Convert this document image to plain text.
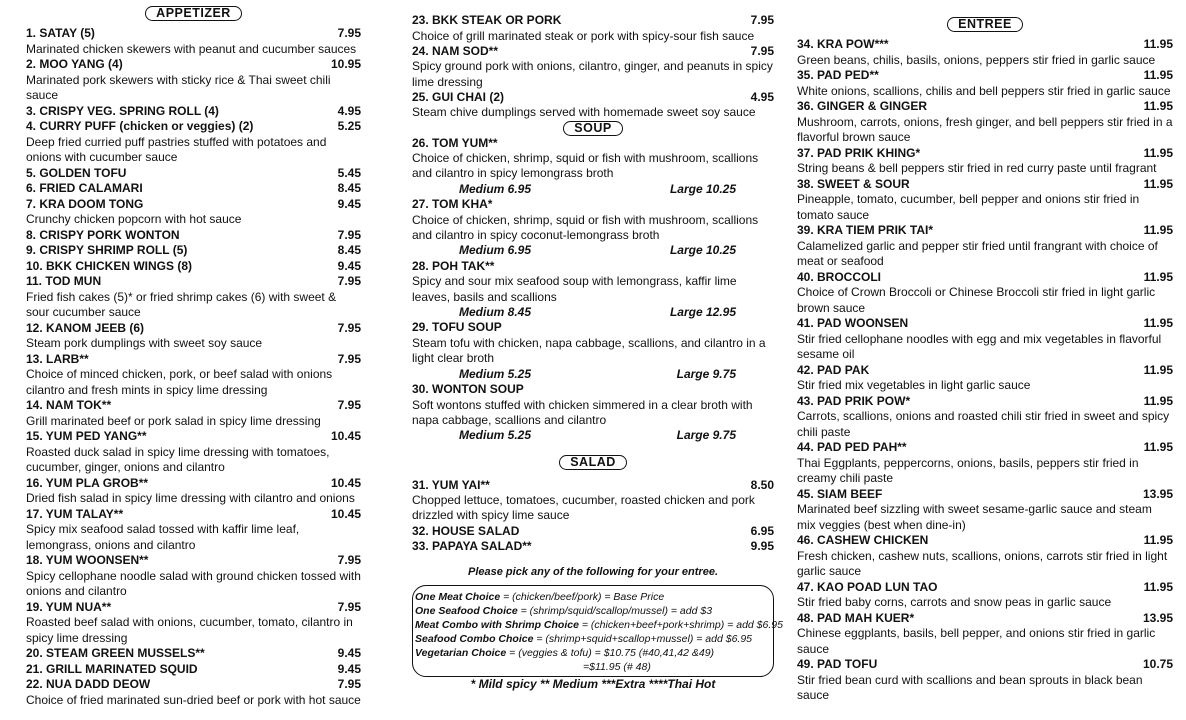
APPETIZER
1. SATAY (5)	7.95
Marinated chicken skewers with peanut and cucumber sauces
2. MOO YANG (4)	10.95
Marinated pork skewers with sticky rice & Thai sweet chili sauce
3. CRISPY VEG. SPRING ROLL (4)	4.95
4. CURRY PUFF (chicken or veggies) (2)	5.25
Deep fried curried puff pastries stuffed with potatoes and onions with cucumber sauce
5. GOLDEN TOFU	5.45
6. FRIED CALAMARI	8.45
7. KRA DOOM TONG	9.45
Crunchy chicken popcorn with hot sauce
8. CRISPY PORK WONTON	7.95
9. CRISPY SHRIMP ROLL (5)	8.45
10. BKK CHICKEN WINGS (8)	9.45
11. TOD MUN	7.95
Fried fish cakes (5)* or fried shrimp cakes (6) with sweet & sour cucumber sauce
12. KANOM JEEB (6)	7.95
Steam pork dumplings with sweet soy sauce
13. LARB**	7.95
Choice of minced chicken, pork, or beef salad with onions cilantro and fresh mints in spicy lime dressing
14. NAM TOK**	7.95
Grill marinated beef or pork salad in spicy lime dressing
15. YUM PED YANG**	10.45
Roasted duck salad in spicy lime dressing with tomatoes, cucumber, ginger, onions and cilantro
16. YUM PLA GROB**	10.45
Dried fish salad in spicy lime dressing with cilantro and onions
17. YUM TALAY**	10.45
Spicy mix seafood salad tossed with kaffir lime leaf, lemongrass, onions and cilantro
18. YUM WOONSEN**	7.95
Spicy cellophane noodle salad with ground chicken tossed with onions and cilantro
19. YUM NUA**	7.95
Roasted beef salad with onions, cucumber, tomato, cilantro in spicy lime dressing
20. STEAM GREEN MUSSELS**	9.45
21. GRILL MARINATED SQUID	9.45
22. NUA DADD DEOW	7.95
Choice of fried marinated sun-dried beef or pork with hot sauce
23. BKK STEAK OR PORK	7.95
Choice of grill marinated steak or pork with spicy-sour fish sauce
24. NAM SOD**	7.95
Spicy ground pork with onions, cilantro, ginger, and peanuts in spicy lime dressing
25. GUI CHAI (2)	4.95
Steam chive dumplings served with homemade sweet soy sauce
SOUP
26. TOM YUM**
Choice of chicken, shrimp, squid or fish with mushroom, scallions and cilantro in spicy lemongrass broth
Medium 6.95	Large 10.25
27. TOM KHA*
Choice of chicken, shrimp, squid or fish with mushroom, scallions and cilantro in spicy coconut-lemongrass broth
Medium 6.95	Large 10.25
28. POH TAK**
Spicy and sour mix seafood soup with lemongrass, kaffir lime leaves, basils and scallions
Medium 8.45	Large 12.95
29. TOFU SOUP
Steam tofu with chicken, napa cabbage, scallions, and cilantro in a light clear broth
Medium 5.25	Large 9.75
30. WONTON SOUP
Soft wontons stuffed with chicken simmered in a clear broth with napa cabbage, scallions and cilantro
Medium 5.25	Large 9.75
SALAD
31. YUM YAI**	8.50
Chopped lettuce, tomatoes, cucumber, roasted chicken and pork drizzled with spicy lime sauce
32. HOUSE SALAD	6.95
33. PAPAYA SALAD**	9.95
Please pick any of the following for your entree.
One Meat Choice = (chicken/beef/pork) = Base Price
One Seafood Choice = (shrimp/squid/scallop/mussel) = add $3
Meat Combo with Shrimp Choice = (chicken+beef+pork+shrimp) = add $6.95
Seafood Combo Choice = (shrimp+squid+scallop+mussel) = add $6.95
Vegetarian Choice = (veggies & tofu) = $10.75 (#40,41,42 &49)
=$11.95 (# 48)
* Mild spicy ** Medium ***Extra ****Thai Hot
ENTREE
34. KRA POW***	11.95
Green beans, chilis, basils, onions, peppers stir fried in garlic sauce
35. PAD PED**	11.95
White onions, scallions, chilis and bell peppers stir fried in garlic sauce
36. GINGER & GINGER	11.95
Mushroom, carrots, onions, fresh ginger, and bell peppers stir fried in a flavorful brown sauce
37. PAD PRIK KHING*	11.95
String beans & bell peppers stir fried in red curry paste until fragrant
38. SWEET & SOUR	11.95
Pineapple, tomato, cucumber, bell pepper and onions stir fried in tomato sauce
39. KRA TIEM PRIK TAI*	11.95
Calamelized garlic and pepper stir fried until frangrant with choice of meat or seafood
40. BROCCOLI	11.95
Choice of Crown Broccoli or Chinese Broccoli stir fried in light garlic brown sauce
41. PAD WOONSEN	11.95
Stir fried cellophane noodles with egg and mix vegetables in flavorful sesame oil
42. PAD PAK	11.95
Stir fried mix vegetables in light garlic sauce
43. PAD PRIK POW*	11.95
Carrots, scallions, onions and roasted chili stir fried in sweet and spicy chili paste
44. PAD PED PAH**	11.95
Thai Eggplants, peppercorns, onions, basils, peppers stir fried in creamy chili paste
45. SIAM BEEF	13.95
Marinated beef sizzling with sweet sesame-garlic sauce and steam mix veggies (best when dine-in)
46. CASHEW CHICKEN	11.95
Fresh chicken, cashew nuts, scallions, onions, carrots stir fried in light garlic sauce
47. KAO POAD LUN TAO	11.95
Stir fried baby corns, carrots and snow peas in garlic sauce
48. PAD MAH KUER*	13.95
Chinese eggplants, basils, bell pepper, and onions stir fried in garlic sauce
49. PAD TOFU	10.75
Stir fried bean curd with scallions and bean sprouts in black bean sauce
